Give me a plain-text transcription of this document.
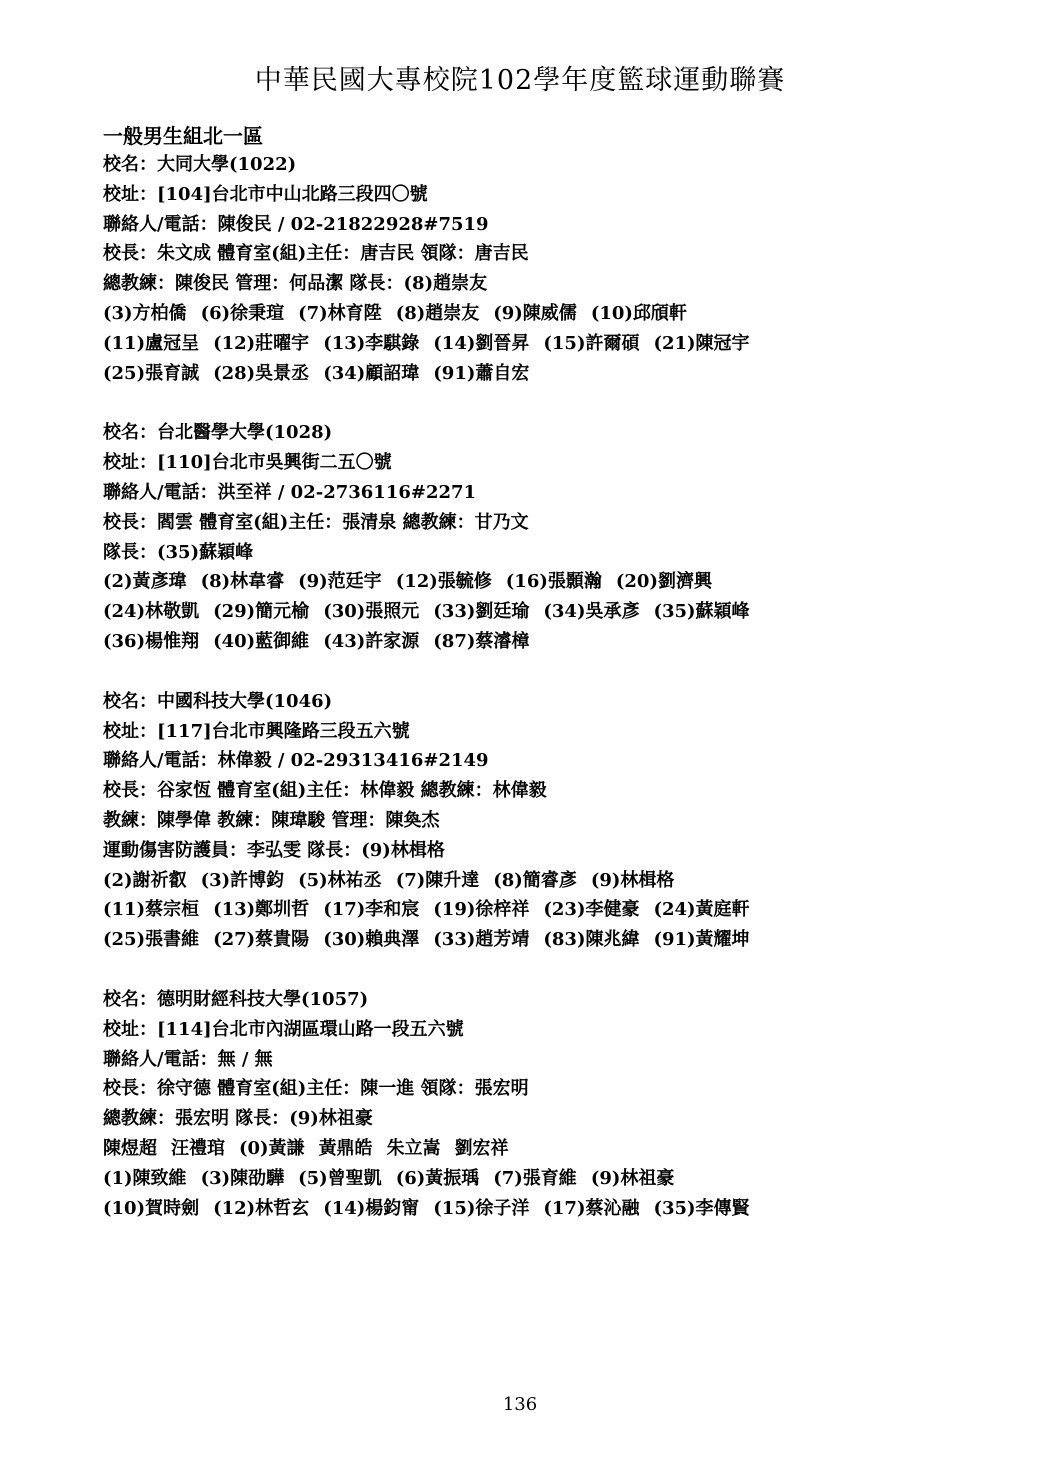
中華民國大專校院102學年度籃球運動聯賽
一般男生組北一區
校名：大同大學(1022)
校址：[104]台北市中山北路三段四〇號
聯絡人/電話：陳俊民 / 02-21822928#7519
校長：朱文成 體育室(組)主任：唐吉民 領隊：唐吉民
總教練：陳俊民 管理：何品潔 隊長：(8)趙崇友
(3)方柏僑 (6)徐秉瑄 (7)林育陞 (8)趙崇友 (9)陳威儒 (10)邱頎軒
(11)盧冠呈 (12)莊曜宇 (13)李騏錄 (14)劉晉昇 (15)許爾碩 (21)陳冠宇
(25)張育誠 (28)吳景丞 (34)顧詔瑋 (91)蕭自宏
校名：台北醫學大學(1028)
校址：[110]台北市吳興街二五〇號
聯絡人/電話：洪至祥 / 02-2736116#2271
校長：閻雲 體育室(組)主任：張清泉 總教練：甘乃文
隊長：(35)蘇穎峰
(2)黃彥瑋 (8)林韋睿 (9)范廷宇 (12)張毓修 (16)張顥瀚 (20)劉濟興
(24)林敬凱 (29)簡元榆 (30)張照元 (33)劉廷瑜 (34)吳承彥 (35)蘇穎峰
(36)楊惟翔 (40)藍御維 (43)許家源 (87)蔡濬樟
校名：中國科技大學(1046)
校址：[117]台北市興隆路三段五六號
聯絡人/電話：林偉毅 / 02-29313416#2149
校長：谷家恆 體育室(組)主任：林偉毅 總教練：林偉毅
教練：陳學偉 教練：陳瑋駿 管理：陳奐杰
運動傷害防護員：李弘雯 隊長：(9)林楫格
(2)謝祈叡 (3)許博鈞 (5)林祐丞 (7)陳升達 (8)簡睿彥 (9)林楫格
(11)蔡宗桓 (13)鄭圳哲 (17)李和宸 (19)徐梓祥 (23)李健豪 (24)黃庭軒
(25)張書維 (27)蔡貴陽 (30)賴典澤 (33)趙芳靖 (83)陳兆緯 (91)黃耀坤
校名：德明財經科技大學(1057)
校址：[114]台北市內湖區環山路一段五六號
聯絡人/電話：無 / 無
校長：徐守德 體育室(組)主任：陳一進 領隊：張宏明
總教練：張宏明 隊長：(9)林祖豪
陳煜超 汪禮琯 (0)黃謙 黃鼎皓 朱立嵩 劉宏祥
(1)陳致維 (3)陳劭驊 (5)曾聖凱 (6)黃振瑀 (7)張育維 (9)林祖豪
(10)賀時劍 (12)林哲玄 (14)楊鈞甯 (15)徐子洋 (17)蔡沁融 (35)李傳賢
136
